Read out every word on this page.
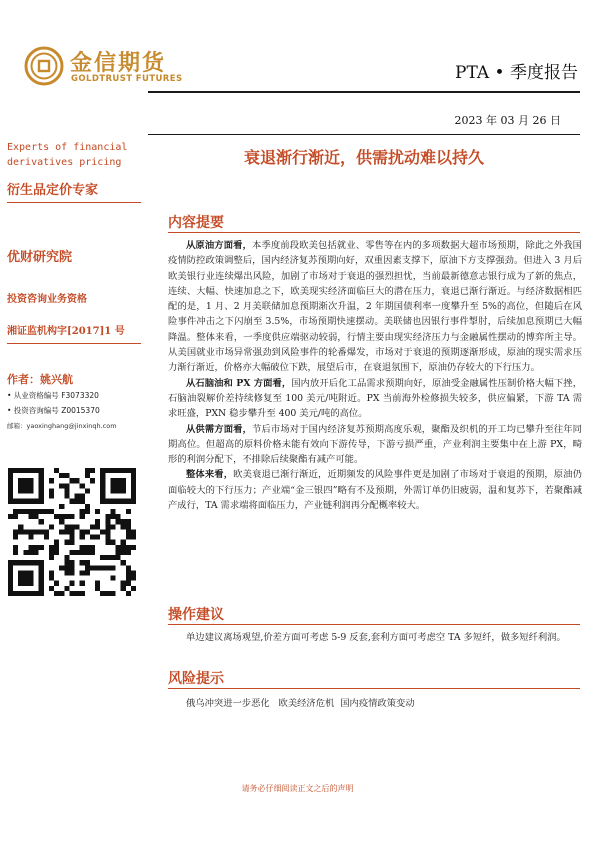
金信期货
GOLDTRUST FUTURES	PTA • 季度报告
2023 年 03 月 26 日
衰退渐行渐近，供需扰动难以持久
Experts of financial derivatives pricing
衍生品定价专家
优财研究院
投资咨询业务资格
湘证监机构字[2017]1 号
作者：姚兴航
• 从业资格编号 F3073320
• 投资咨询编号 Z0015370
邮箱：yaoxinghang@jinxinqh.com
内容提要

从原油方面看，本季度前段欧美包括就业、零售等在内的多项数据大超市场预期，除此之外我国疫情防控政策调整后，国内经济复苏预期向好，双重因素支撑下，原油下方支撑强劲。但进入 3 月后欧美银行业连续爆出风险，加剧了市场对于衰退的强烈担忧，当前最新德意志银行成为了新的焦点，连续、大幅、快速加息之下，欧美现实经济面临巨大的潜在压力，衰退已渐行渐近。与经济数据相匹配的是，1 月、2 月美联储加息预期渐次升温，2 年期国债利率一度攀升至 5%的高位，但随后在风险事件冲击之下闪崩至 3.5%，市场预期快速摆动。美联储也因银行事件掣肘，后续加息预期已大幅降温。整体来看，一季度供应端驱动较弱，行情主要由现实经济压力与金融属性摆动的博弈所主导。从美国就业市场异常强劲到风险事件的轮番爆发，市场对于衰退的预期逐渐形成，原油的现实需求压力渐行渐近，价格亦大幅破位下跌，展望后市，在衰退氛围下，原油仍存较大的下行压力。

从石脑油和 PX 方面看，国内放开后化工品需求预期向好，原油受金融属性压制价格大幅下挫，石脑油裂解价差持续修复至 100 美元/吨附近。PX 当前海外检修损失较多，供应偏紧，下游 TA 需求旺盛，PXN 稳步攀升至 400 美元/吨的高位。

从供需方面看，节后市场对于国内经济复苏预期高度乐观，聚酯及织机的开工均已攀升至往年同期高位。但超高的原料价格未能有效向下游传导，下游亏损严重，产业利润主要集中在上游 PX，畸形的利润分配下，不排除后续聚酯有减产可能。

整体来看，欧美衰退已渐行渐近，近期频发的风险事件更是加剧了市场对于衰退的预期，原油仍面临较大的下行压力；产业端“金三银四”略有不及预期，外需订单仍旧疲弱，温和复苏下，若聚酯减产成行，TA 需求端将面临压力，产业链利润再分配概率较大。

操作建议

单边建议离场观望,价差方面可考虑 5-9 反套,套利方面可考虑空 TA 多短纤，做多短纤利润。

风险提示

俄乌冲突进一步恶化   欧美经济危机  国内疫情政策变动

请务必仔细阅读正文之后的声明
